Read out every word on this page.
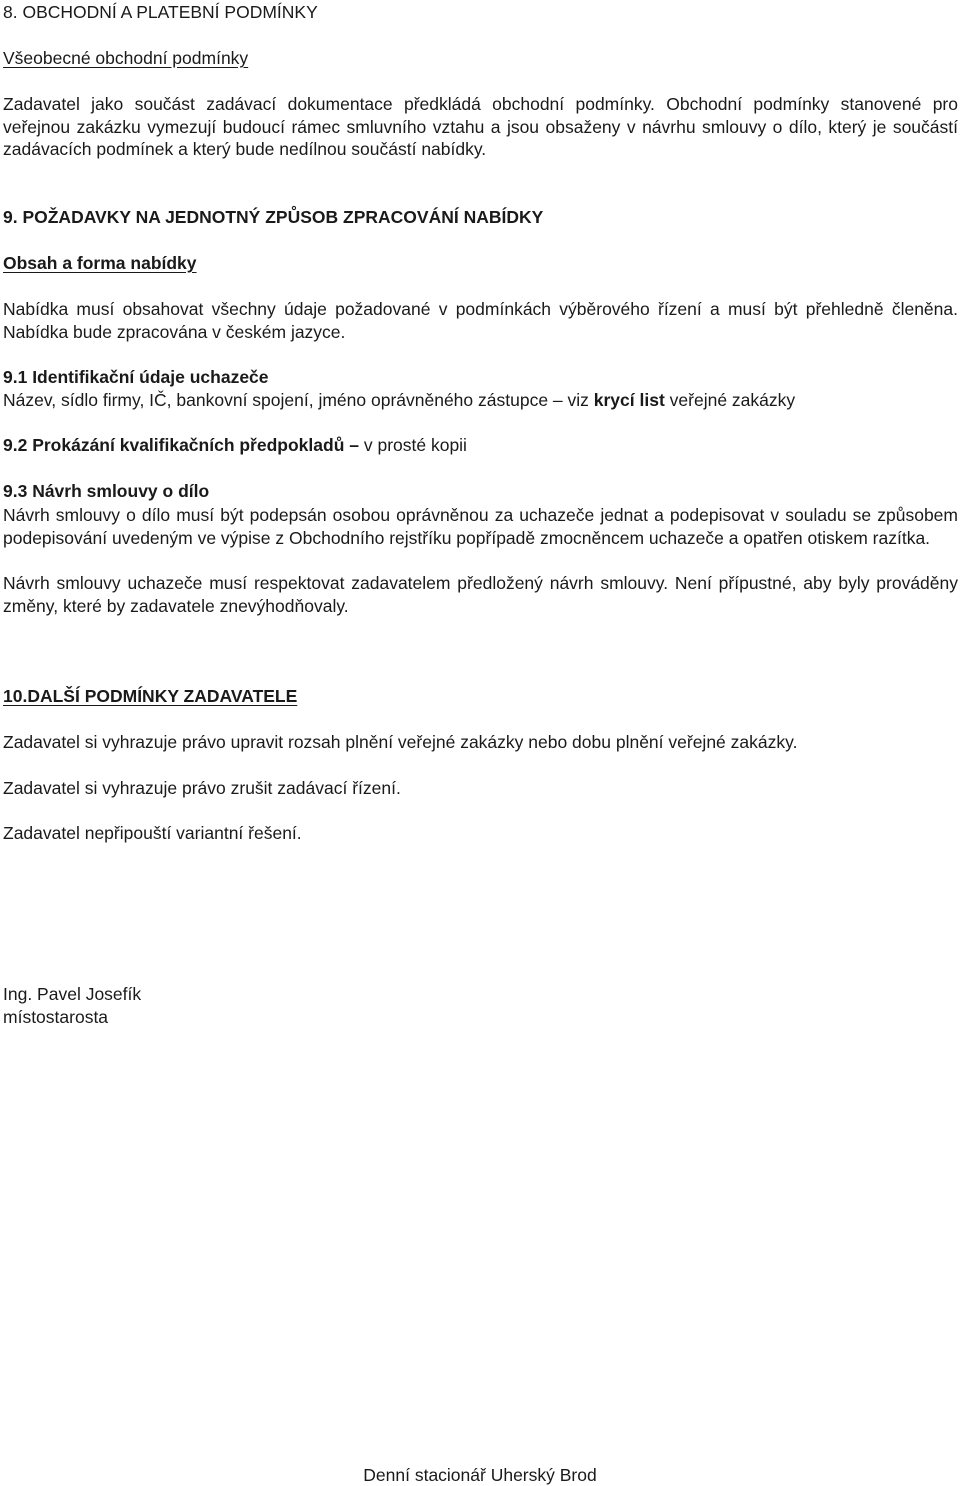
8. OBCHODNÍ A PLATEBNÍ PODMÍNKY
Všeobecné obchodní podmínky
Zadavatel jako součást zadávací dokumentace předkládá obchodní podmínky. Obchodní podmínky stanovené pro veřejnou zakázku vymezují budoucí rámec smluvního vztahu a jsou obsaženy v návrhu smlouvy o dílo, který je součástí zadávacích podmínek a který bude nedílnou součástí nabídky.
9. POŽADAVKY NA JEDNOTNÝ ZPŮSOB ZPRACOVÁNÍ NABÍDKY
Obsah a forma nabídky
Nabídka musí obsahovat všechny údaje požadované v podmínkách výběrového řízení a musí být přehledně členěna. Nabídka bude zpracována v českém jazyce.
9.1 Identifikační údaje uchazeče
Název, sídlo firmy, IČ, bankovní spojení, jméno oprávněného zástupce – viz krycí list veřejné zakázky
9.2 Prokázání kvalifikačních předpokladů – v prosté kopii
9.3 Návrh smlouvy o dílo
Návrh smlouvy o dílo musí být podepsán osobou oprávněnou za uchazeče jednat a podepisovat v souladu se způsobem podepisování uvedeným ve výpise z Obchodního rejstříku popřípadě zmocněncem uchazeče a opatřen otiskem razítka.
Návrh smlouvy uchazeče musí respektovat zadavatelem předložený návrh smlouvy. Není přípustné, aby byly prováděny změny, které by zadavatele znevýhodňovaly.
10.DALŠÍ PODMÍNKY ZADAVATELE
Zadavatel si vyhrazuje právo upravit rozsah plnění veřejné zakázky nebo dobu plnění veřejné zakázky.
Zadavatel si vyhrazuje právo zrušit zadávací řízení.
Zadavatel nepřipouští variantní řešení.
Ing. Pavel Josefík
místostarosta
Denní stacionář Uherský Brod
